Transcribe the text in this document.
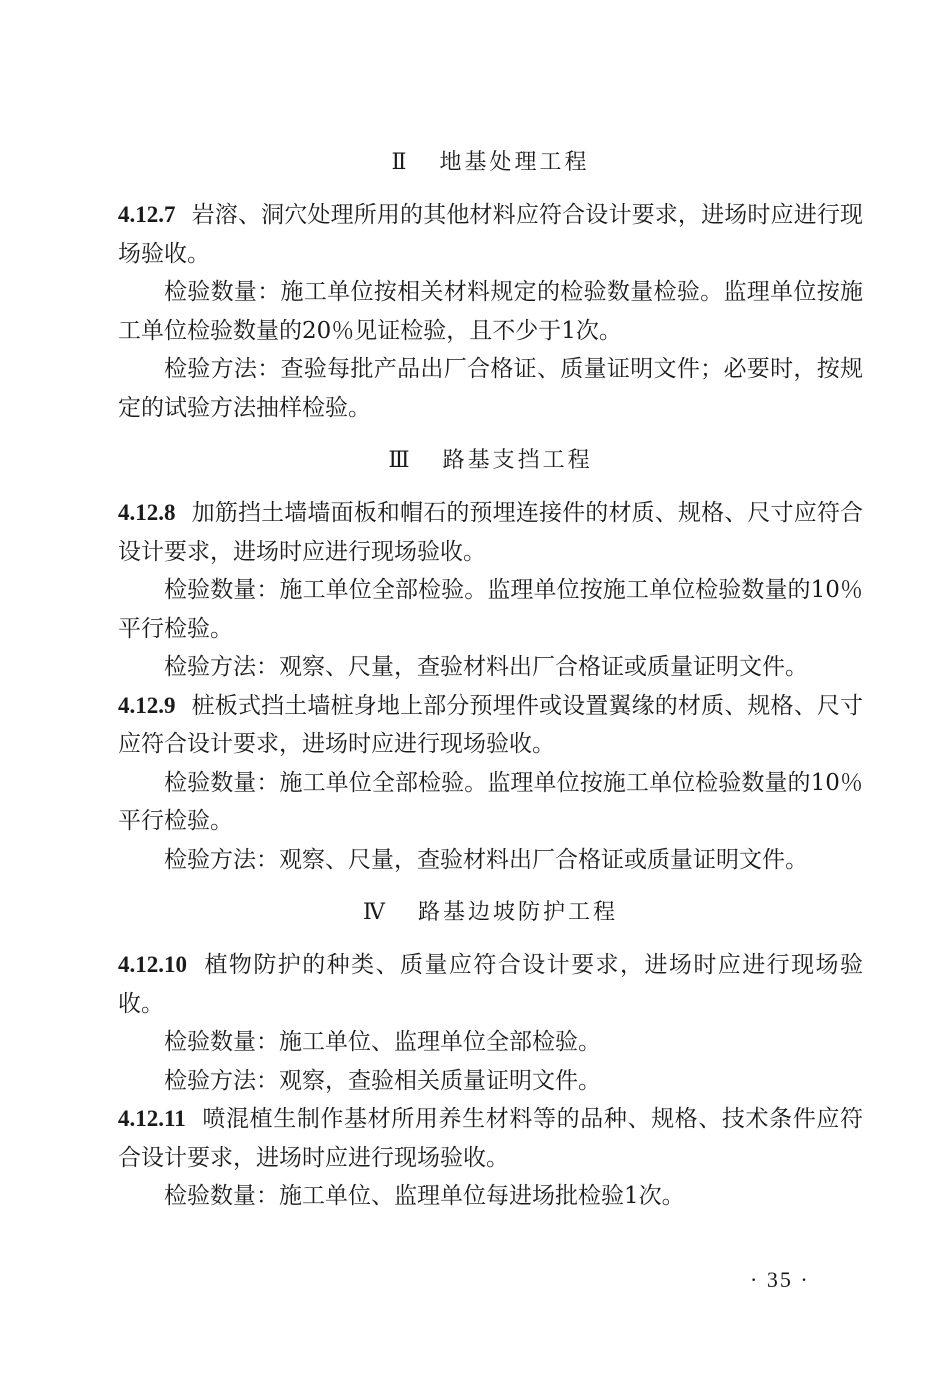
Ⅱ 地基处理工程
4.12.7 岩溶、洞穴处理所用的其他材料应符合设计要求，进场时应进行现场验收。
检验数量：施工单位按相关材料规定的检验数量检验。监理单位按施工单位检验数量的20％见证检验，且不少于1次。
检验方法：查验每批产品出厂合格证、质量证明文件；必要时，按规定的试验方法抽样检验。
Ⅲ 路基支挡工程
4.12.8 加筋挡土墙墙面板和帽石的预埋连接件的材质、规格、尺寸应符合设计要求，进场时应进行现场验收。
检验数量：施工单位全部检验。监理单位按施工单位检验数量的10％平行检验。
检验方法：观察、尺量，查验材料出厂合格证或质量证明文件。
4.12.9 桩板式挡土墙桩身地上部分预埋件或设置翼缘的材质、规格、尺寸应符合设计要求，进场时应进行现场验收。
检验数量：施工单位全部检验。监理单位按施工单位检验数量的10％平行检验。
检验方法：观察、尺量，查验材料出厂合格证或质量证明文件。
Ⅳ 路基边坡防护工程
4.12.10 植物防护的种类、质量应符合设计要求，进场时应进行现场验收。
检验数量：施工单位、监理单位全部检验。
检验方法：观察，查验相关质量证明文件。
4.12.11 喷混植生制作基材所用养生材料等的品种、规格、技术条件应符合设计要求，进场时应进行现场验收。
检验数量：施工单位、监理单位每进场批检验1次。
· 35 ·
